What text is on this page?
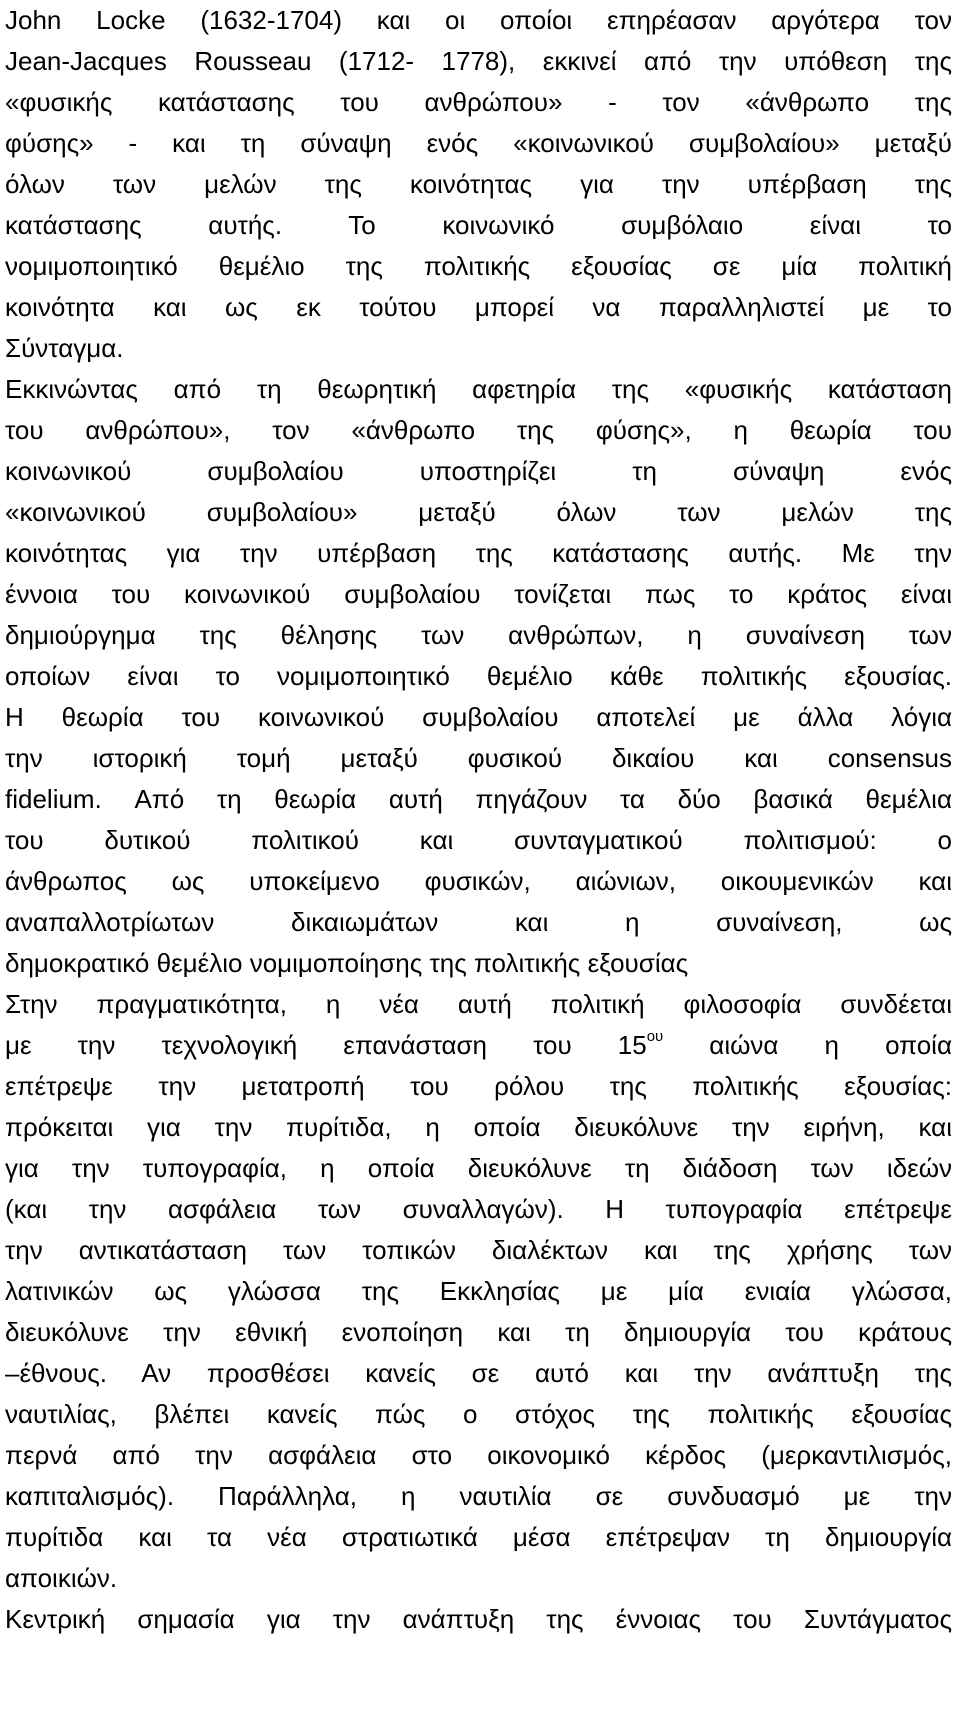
John Locke (1632-1704) και οι οποίοι επηρέασαν αργότερα τον
Jean-Jacques Rousseau (1712- 1778), εκκινεί από την υπόθεση της
«φυσικής κατάστασης του ανθρώπου» - τον «άνθρωπο της
φύσης» - και τη σύναψη ενός «κοινωνικού συμβολαίου» μεταξύ
όλων των μελών της κοινότητας για την υπέρβαση της
κατάστασης αυτής. Το κοινωνικό συμβόλαιο είναι το
νομιμοποιητικό θεμέλιο της πολιτικής εξουσίας σε μία πολιτική
κοινότητα και ως εκ τούτου μπορεί να παραλληλιστεί με το
Σύνταγμα.
Εκκινώντας από τη θεωρητική αφετηρία της «φυσικής κατάσταση
του ανθρώπου», τον «άνθρωπο της φύσης», η θεωρία του
κοινωνικού συμβολαίου υποστηρίζει τη σύναψη ενός
«κοινωνικού συμβολαίου» μεταξύ όλων των μελών της
κοινότητας για την υπέρβαση της κατάστασης αυτής. Με την
έννοια του κοινωνικού συμβολαίου τονίζεται πως το κράτος είναι
δημιούργημα της θέλησης των ανθρώπων, η συναίνεση των
οποίων είναι το νομιμοποιητικό θεμέλιο κάθε πολιτικής εξουσίας.
Η θεωρία του κοινωνικού συμβολαίου αποτελεί με άλλα λόγια
την ιστορική τομή μεταξύ φυσικού δικαίου και consensus
fidelium. Από τη θεωρία αυτή πηγάζουν τα δύο βασικά θεμέλια
του δυτικού πολιτικού και συνταγματικού πολιτισμού: ο
άνθρωπος ως υποκείμενο φυσικών, αιώνιων, οικουμενικών και
αναπαλλοτρίωτων δικαιωμάτων και η συναίνεση, ως
δημοκρατικό θεμέλιο νομιμοποίησης της πολιτικής εξουσίας
Στην πραγματικότητα, η νέα αυτή πολιτική φιλοσοφία συνδέεται
με την τεχνολογική επανάσταση του $15^{o\upsilon}$ αιώνα η οποία
επέτρεψε την μετατροπή του ρόλου της πολιτικής εξουσίας:
πρόκειται για την πυρίτιδα, η οποία διευκόλυνε την ειρήνη, και
για την τυπογραφία, η οποία διευκόλυνε τη διάδοση των ιδεών
(και την ασφάλεια των συναλλαγών). Η τυπογραφία επέτρεψε
την αντικατάσταση των τοπικών διαλέκτων και της χρήσης των
λατινικών ως γλώσσα της Εκκλησίας με μία ενιαία γλώσσα,
διευκόλυνε την εθνική ενοποίηση και τη δημιουργία του κράτους
–έθνους. Αν προσθέσει κανείς σε αυτό και την ανάπτυξη της
ναυτιλίας, βλέπει κανείς πώς ο στόχος της πολιτικής εξουσίας
περνά από την ασφάλεια στο οικονομικό κέρδος (μερκαντιλισμός,
καπιταλισμός). Παράλληλα, η ναυτιλία σε συνδυασμό με την
πυρίτιδα και τα νέα στρατιωτικά μέσα επέτρεψαν τη δημιουργία
αποικιών.
Κεντρική σημασία για την ανάπτυξη της έννοιας του Συντάγματος
